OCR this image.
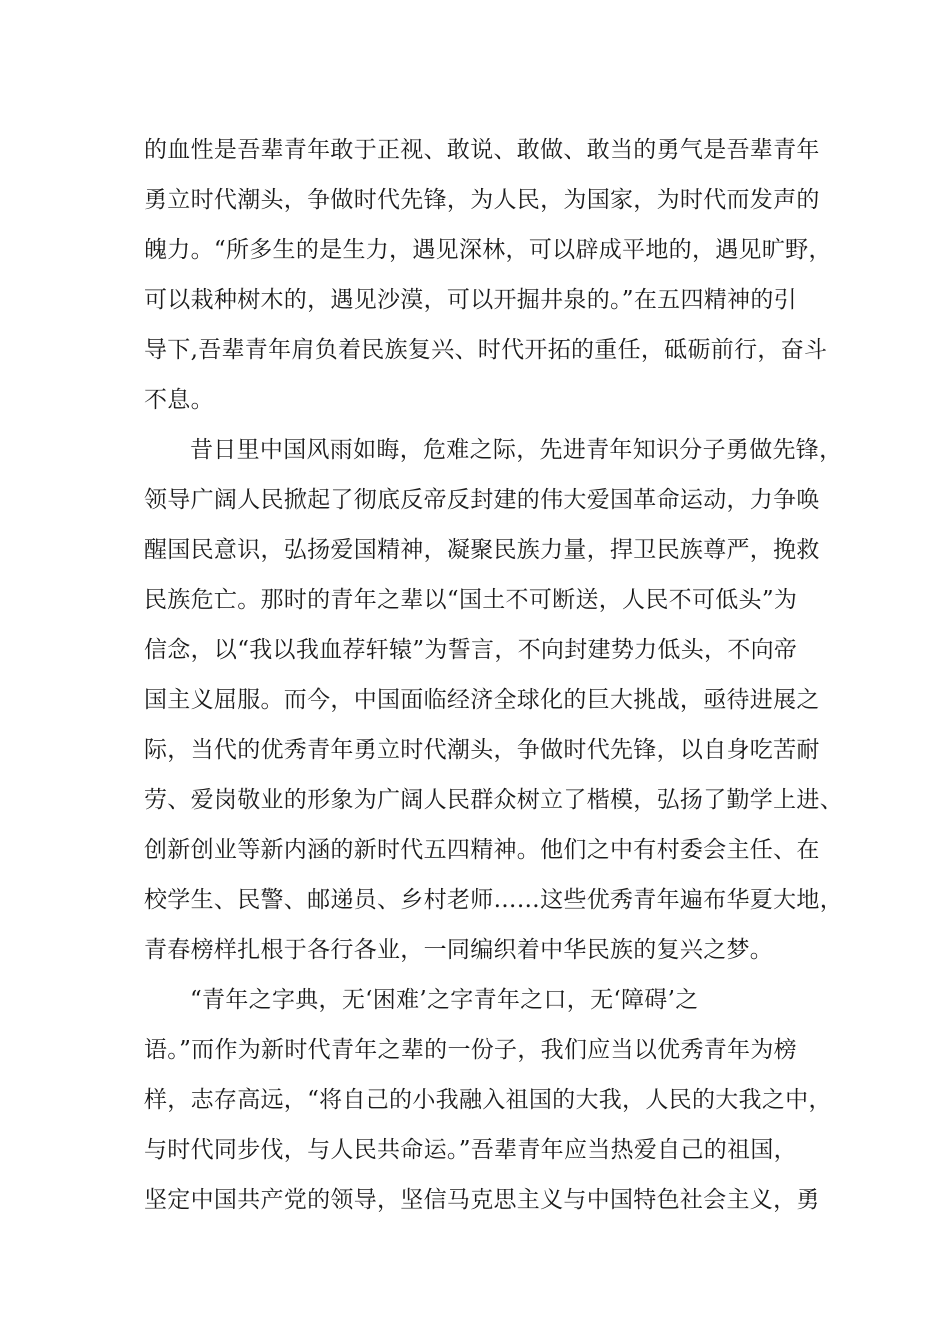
的血性是吾辈青年敢于正视、敢说、敢做、敢当的勇气是吾辈青年
勇立时代潮头，争做时代先锋，为人民，为国家，为时代而发声的
魄力。“所多生的是生力，遇见深林，可以辟成平地的，遇见旷野，
可以栽种树木的，遇见沙漠，可以开掘井泉的。”在五四精神的引
导下,吾辈青年肩负着民族复兴、时代开拓的重任，砥砺前行，奋斗
不息。
昔日里中国风雨如晦，危难之际，先进青年知识分子勇做先锋，
领导广阔人民掀起了彻底反帝反封建的伟大爱国革命运动，力争唤
醒国民意识，弘扬爱国精神，凝聚民族力量，捍卫民族尊严，挽救
民族危亡。那时的青年之辈以“国土不可断送，人民不可低头”为
信念，以“我以我血荐轩辕”为誓言，不向封建势力低头，不向帝
国主义屈服。而今，中国面临经济全球化的巨大挑战，亟待进展之
际，当代的优秀青年勇立时代潮头，争做时代先锋，以自身吃苦耐
劳、爱岗敬业的形象为广阔人民群众树立了楷模，弘扬了勤学上进、
创新创业等新内涵的新时代五四精神。他们之中有村委会主任、在
校学生、民警、邮递员、乡村老师……这些优秀青年遍布华夏大地，
青春榜样扎根于各行各业，一同编织着中华民族的复兴之梦。
“青年之字典，无‘困难’之字青年之口，无‘障碍’之
语。”而作为新时代青年之辈的一份子，我们应当以优秀青年为榜
样，志存高远，“将自己的小我融入祖国的大我，人民的大我之中，
与时代同步伐，与人民共命运。”吾辈青年应当热爱自己的祖国，
坚定中国共产党的领导，坚信马克思主义与中国特色社会主义，勇
